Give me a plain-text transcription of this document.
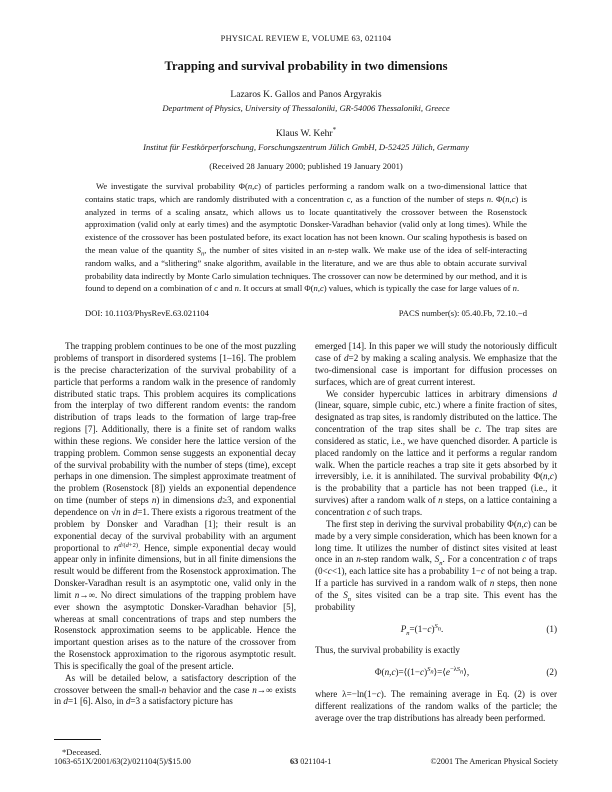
PHYSICAL REVIEW E, VOLUME 63, 021104
Trapping and survival probability in two dimensions
Lazaros K. Gallos and Panos Argyrakis
Department of Physics, University of Thessaloniki, GR-54006 Thessaloniki, Greece
Klaus W. Kehr*
Institut für Festkörperforschung, Forschungszentrum Jülich GmbH, D-52425 Jülich, Germany
(Received 28 January 2000; published 19 January 2001)
We investigate the survival probability Φ(n,c) of particles performing a random walk on a two-dimensional lattice that contains static traps, which are randomly distributed with a concentration c, as a function of the number of steps n. Φ(n,c) is analyzed in terms of a scaling ansatz, which allows us to locate quantitatively the crossover between the Rosenstock approximation (valid only at early times) and the asymptotic Donsker-Varadhan behavior (valid only at long times). While the existence of the crossover has been postulated before, its exact location has not been known. Our scaling hypothesis is based on the mean value of the quantity $S_n$, the number of sites visited in an n-step walk. We make use of the idea of self-interacting random walks, and a “slithering” snake algorithm, available in the literature, and we are thus able to obtain accurate survival probability data indirectly by Monte Carlo simulation techniques. The crossover can now be determined by our method, and it is found to depend on a combination of c and n. It occurs at small Φ(n,c) values, which is typically the case for large values of n.
DOI: 10.1103/PhysRevE.63.021104	PACS number(s): 05.40.Fb, 72.10.−d

The trapping problem continues to be one of the most puzzling problems of transport in disordered systems [1–16]. The problem is the precise characterization of the survival probability of a particle that performs a random walk in the presence of randomly distributed static traps. This problem acquires its complications from the interplay of two different random events: the random distribution of traps leads to the formation of large trap-free regions [7]. Additionally, there is a finite set of random walks within these regions. We consider here the lattice version of the trapping problem. Common sense suggests an exponential decay of the survival probability with the number of steps (time), except perhaps in one dimension. The simplest approximate treatment of the problem (Rosenstock [8]) yields an exponential dependence on time (number of steps n) in dimensions d≥3, and exponential dependence on √n in d=1. There exists a rigorous treatment of the problem by Donsker and Varadhan [1]; their result is an exponential decay of the survival probability with an argument proportional to $n^{d/(d+2)}$. Hence, simple exponential decay would appear only in infinite dimensions, but in all finite dimensions the result would be different from the Rosenstock approximation. The Donsker-Varadhan result is an asymptotic one, valid only in the limit n→∞. No direct simulations of the trapping problem have ever shown the asymptotic Donsker-Varadhan behavior [5], whereas at small concentrations of traps and step numbers the Rosenstock approximation seems to be applicable. Hence the important question arises as to the nature of the crossover from the Rosenstock approximation to the rigorous asymptotic result. This is specifically the goal of the present article.

As will be detailed below, a satisfactory description of the crossover between the small-n behavior and the case n→∞ exists in d=1 [6]. Also, in d=3 a satisfactory picture has

*Deceased.

emerged [14]. In this paper we will study the notoriously difficult case of d=2 by making a scaling analysis. We emphasize that the two-dimensional case is important for diffusion processes on surfaces, which are of great current interest.

We consider hypercubic lattices in arbitrary dimensions d (linear, square, simple cubic, etc.) where a finite fraction of sites, designated as trap sites, is randomly distributed on the lattice. The concentration of the trap sites shall be c. The trap sites are considered as static, i.e., we have quenched disorder. A particle is placed randomly on the lattice and it performs a regular random walk. When the particle reaches a trap site it gets absorbed by it irreversibly, i.e. it is annihilated. The survival probability Φ(n,c) is the probability that a particle has not been trapped (i.e., it survives) after a random walk of n steps, on a lattice containing a concentration c of such traps.

The first step in deriving the survival probability Φ(n,c) can be made by a very simple consideration, which has been known for a long time. It utilizes the number of distinct sites visited at least once in an n-step random walk, $S_n$. For a concentration c of traps (0<c<1), each lattice site has a probability 1−c of not being a trap. If a particle has survived in a random walk of n steps, then none of the $S_n$ sites visited can be a trap site. This event has the probability

$P_n=(1-c)^{S_n}$.	(1)

Thus, the survival probability is exactly

$\Phi(n,c)=⟨(1-c)^{S_n}⟩=⟨e^{-\lambda S_n}⟩$,	(2)

where λ=−ln(1−c). The remaining average in Eq. (2) is over different realizations of the random walks of the particle; the average over the trap distributions has already been performed.

1063-651X/2001/63(2)/021104(5)/$15.00	63 021104-1	©2001 The American Physical Society
